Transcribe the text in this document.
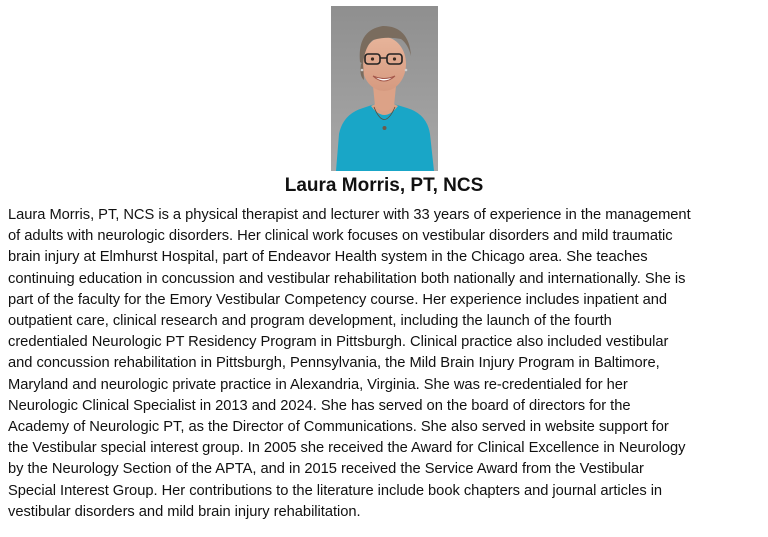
Laura Morris, PT, NCS
Laura Morris, PT, NCS is a physical therapist and lecturer with 33 years of experience in the management
of adults with neurologic disorders. Her clinical work focuses on vestibular disorders and mild traumatic
brain injury at Elmhurst Hospital, part of Endeavor Health system in the Chicago area. She teaches
continuing education in concussion and vestibular rehabilitation both nationally and internationally. She is
part of the faculty for the Emory Vestibular Competency course. Her experience includes inpatient and
outpatient care, clinical research and program development, including the launch of the fourth
credentialed Neurologic PT Residency Program in Pittsburgh. Clinical practice also included vestibular
and concussion rehabilitation in Pittsburgh, Pennsylvania, the Mild Brain Injury Program in Baltimore,
Maryland and neurologic private practice in Alexandria, Virginia. She was re-credentialed for her
Neurologic Clinical Specialist in 2013 and 2024. She has served on the board of directors for the
Academy of Neurologic PT, as the Director of Communications. She also served in website support for
the Vestibular special interest group. In 2005 she received the Award for Clinical Excellence in Neurology
by the Neurology Section of the APTA, and in 2015 received the Service Award from the Vestibular
Special Interest Group. Her contributions to the literature include book chapters and journal articles in
vestibular disorders and mild brain injury rehabilitation.
